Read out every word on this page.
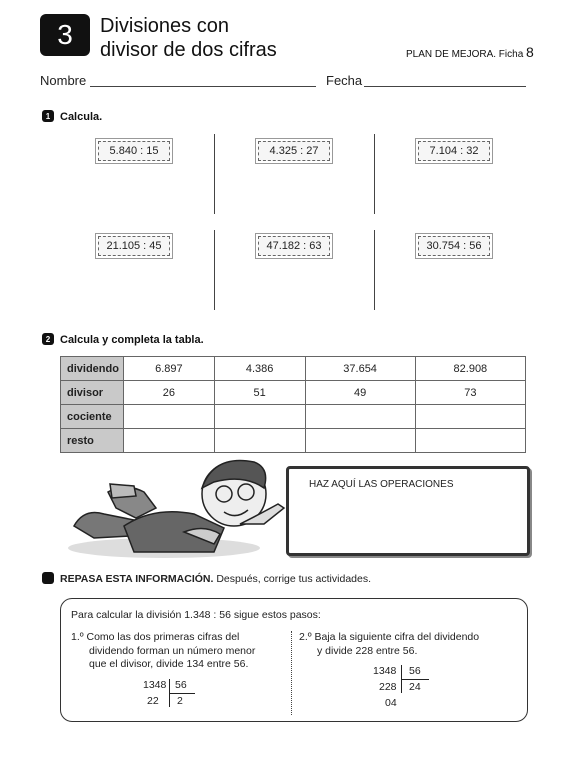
3	Divisiones con
divisor de dos cifras	PLAN DE MEJORA. Ficha 8
Nombre	Fecha
1 Calcula.
5.840 : 15	4.325 : 27	7.104 : 32
21.105 : 45	47.182 : 63	30.754 : 56
2 Calcula y completa la tabla.
dividendo	6.897	4.386	37.654	82.908
divisor	26	51	49	73
cociente				
resto				
HAZ AQUÍ LAS OPERACIONES
REPASA ESTA INFORMACIÓN. Después, corrige tus actividades.
Para calcular la división 1.348 : 56 sigue estos pasos:
1.º Como las dos primeras cifras del
dividendo forman un número menor
que el divisor, divide 134 entre 56.
1348 56
22 2
2.º Baja la siguiente cifra del dividendo
y divide 228 entre 56.
1348 56
228 24
04
